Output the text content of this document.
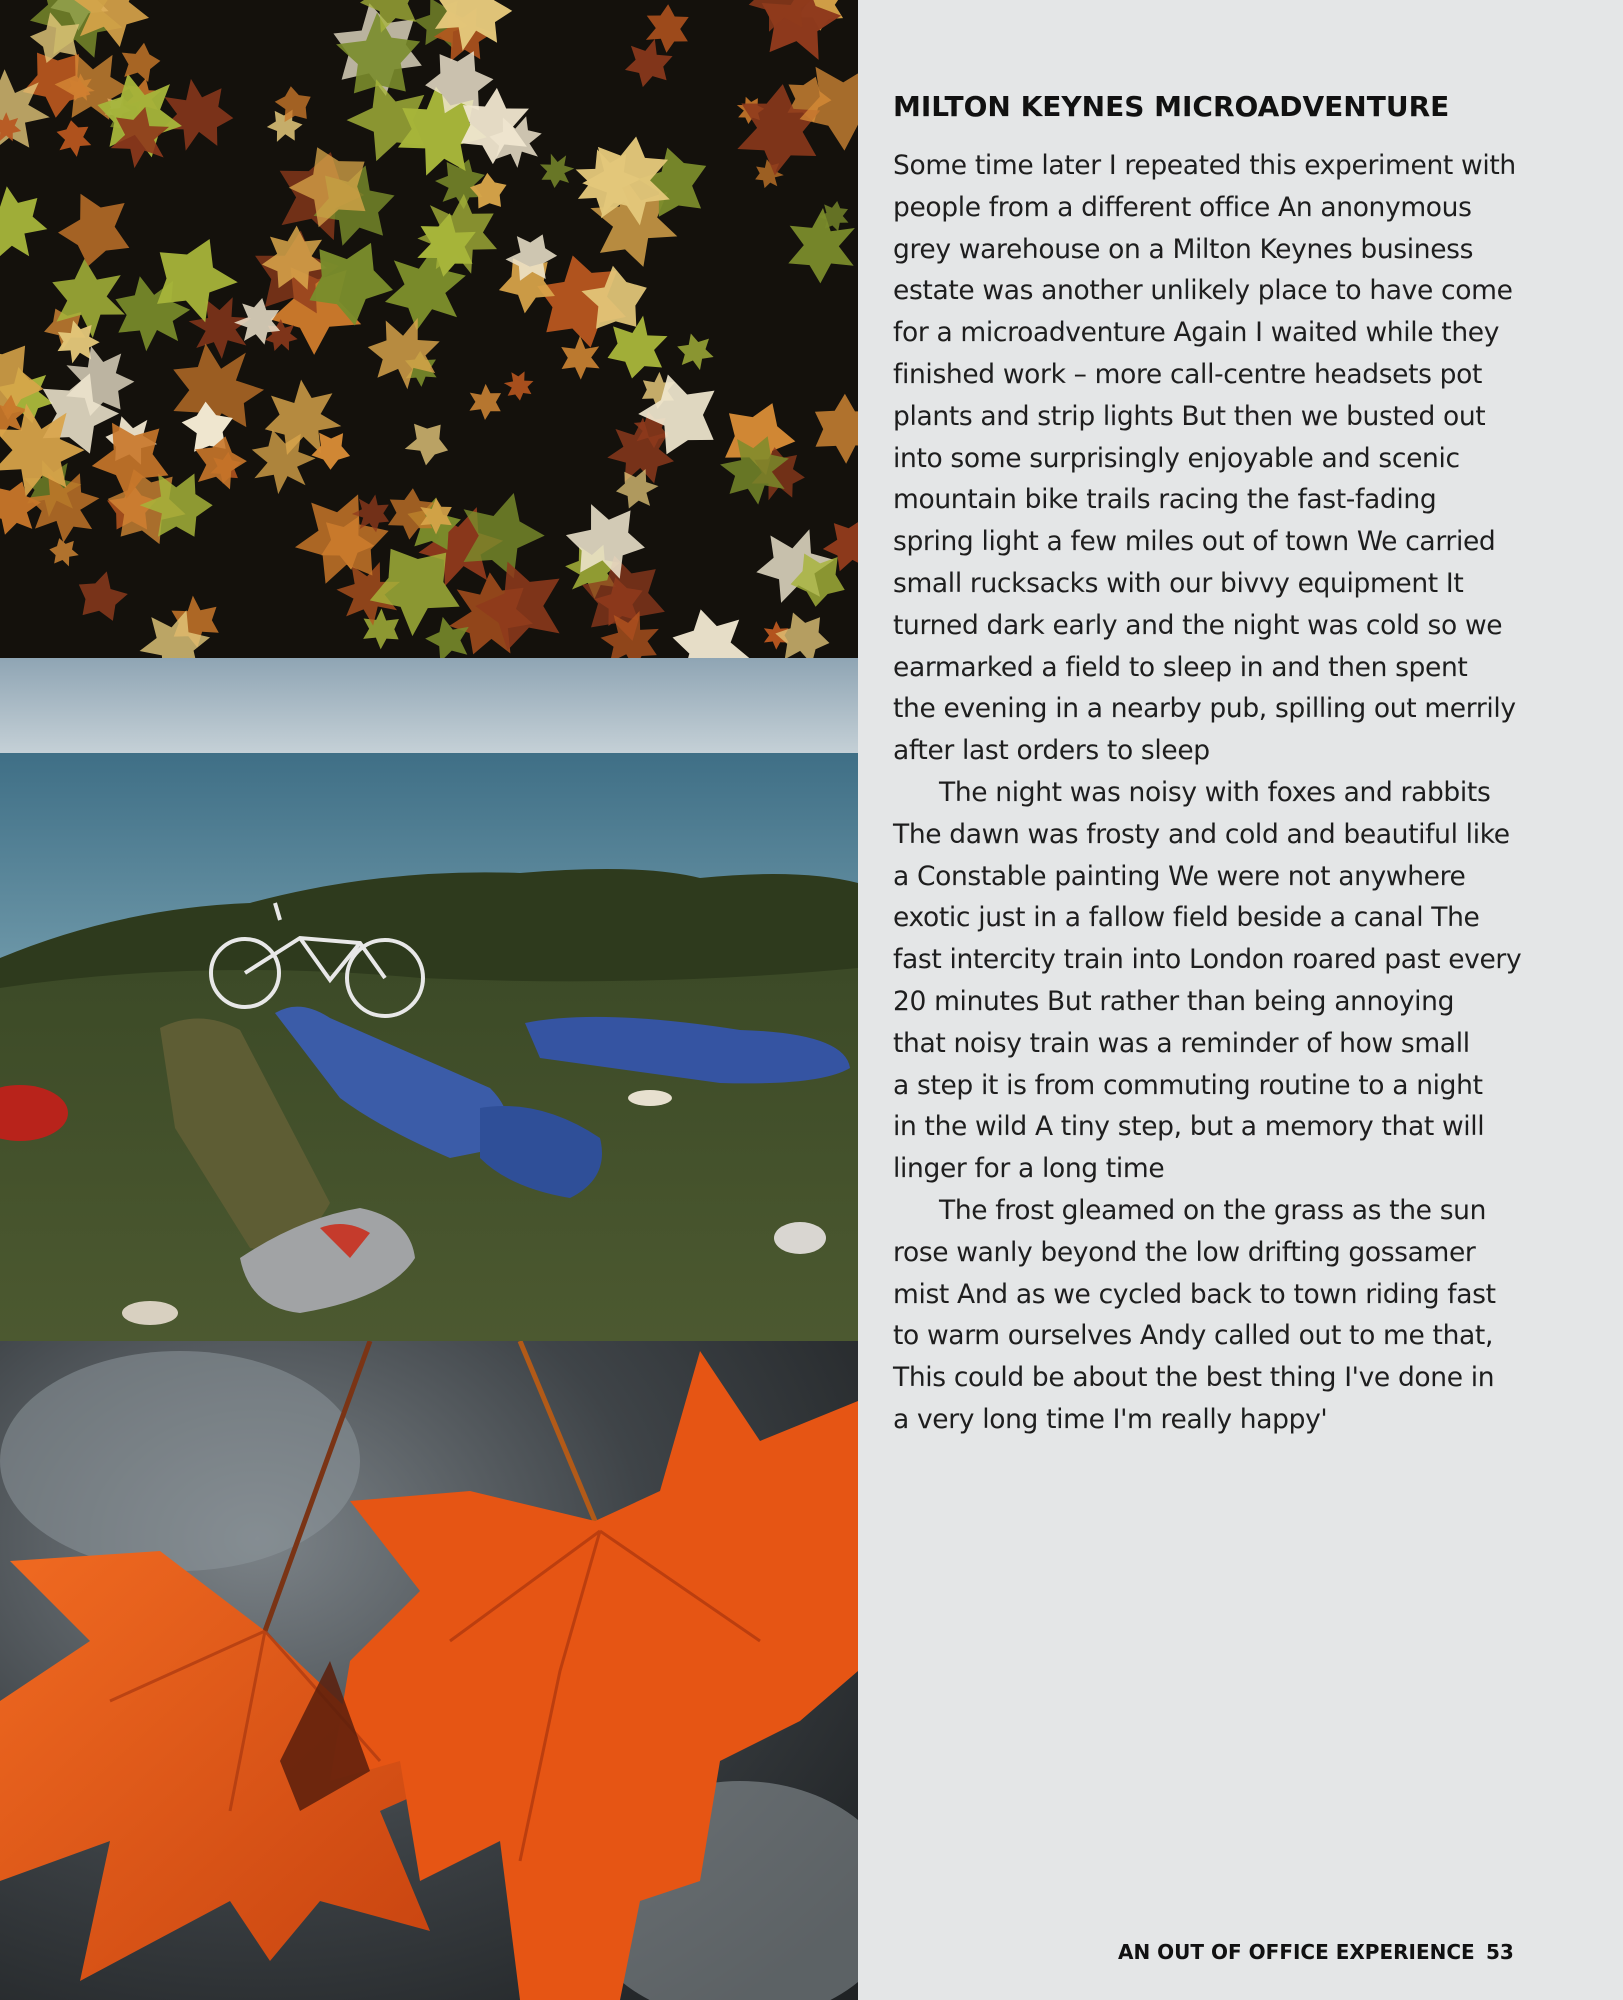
MILTON KEYNES MICROADVENTURE

Some time later I repeated this experiment with
people from a different office An anonymous
grey warehouse on a Milton Keynes business
estate was another unlikely place to have come
for a microadventure Again I waited while they
finished work – more call-centre headsets pot
plants and strip lights But then we busted out
into some surprisingly enjoyable and scenic
mountain bike trails racing the fast-fading
spring light a few miles out of town We carried
small rucksacks with our bivvy equipment It
turned dark early and the night was cold so we
earmarked a field to sleep in and then spent
the evening in a nearby pub, spilling out merrily
after last orders to sleep

The night was noisy with foxes and rabbits
The dawn was frosty and cold and beautiful like
a Constable painting We were not anywhere
exotic just in a fallow field beside a canal The
fast intercity train into London roared past every
20 minutes But rather than being annoying
that noisy train was a reminder of how small
a step it is from commuting routine to a night
in the wild A tiny step, but a memory that will
linger for a long time

The frost gleamed on the grass as the sun
rose wanly beyond the low drifting gossamer
mist And as we cycled back to town riding fast
to warm ourselves Andy called out to me that,
This could be about the best thing I've done in
a very long time I'm really happy'

AN OUT OF OFFICE EXPERIENCE 53
